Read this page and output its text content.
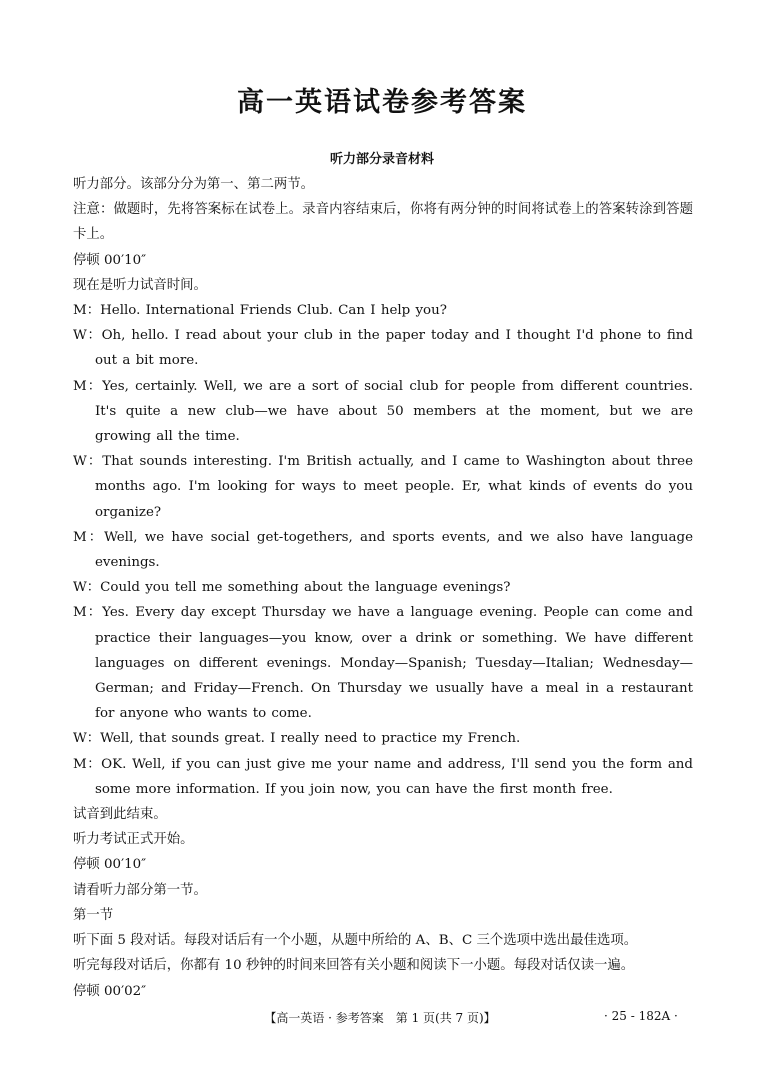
高一英语试卷参考答案
听力部分录音材料
听力部分。该部分分为第一、第二两节。
注意：做题时，先将答案标在试卷上。录音内容结束后，你将有两分钟的时间将试卷上的答案转涂到答题卡上。
停顿 00′10″
现在是听力试音时间。
M：Hello. International Friends Club. Can I help you?
W：Oh, hello. I read about your club in the paper today and I thought I'd phone to find out a bit more.
M：Yes, certainly. Well, we are a sort of social club for people from different countries. It's quite a new club—we have about 50 members at the moment, but we are growing all the time.
W：That sounds interesting. I'm British actually, and I came to Washington about three months ago. I'm looking for ways to meet people. Er, what kinds of events do you organize?
M：Well, we have social get-togethers, and sports events, and we also have language evenings.
W：Could you tell me something about the language evenings?
M：Yes. Every day except Thursday we have a language evening. People can come and practice their languages—you know, over a drink or something. We have different languages on different evenings. Monday—Spanish; Tuesday—Italian; Wednesday—German; and Friday—French. On Thursday we usually have a meal in a restaurant for anyone who wants to come.
W：Well, that sounds great. I really need to practice my French.
M：OK. Well, if you can just give me your name and address, I'll send you the form and some more information. If you join now, you can have the first month free.
试音到此结束。
听力考试正式开始。
停顿 00′10″
请看听力部分第一节。
第一节
听下面 5 段对话。每段对话后有一个小题，从题中所给的 A、B、C 三个选项中选出最佳选项。
听完每段对话后，你都有 10 秒钟的时间来回答有关小题和阅读下一小题。每段对话仅读一遍。
停顿 00′02″
【高一英语 · 参考答案　第 1 页(共 7 页)】	· 25 - 182A ·
